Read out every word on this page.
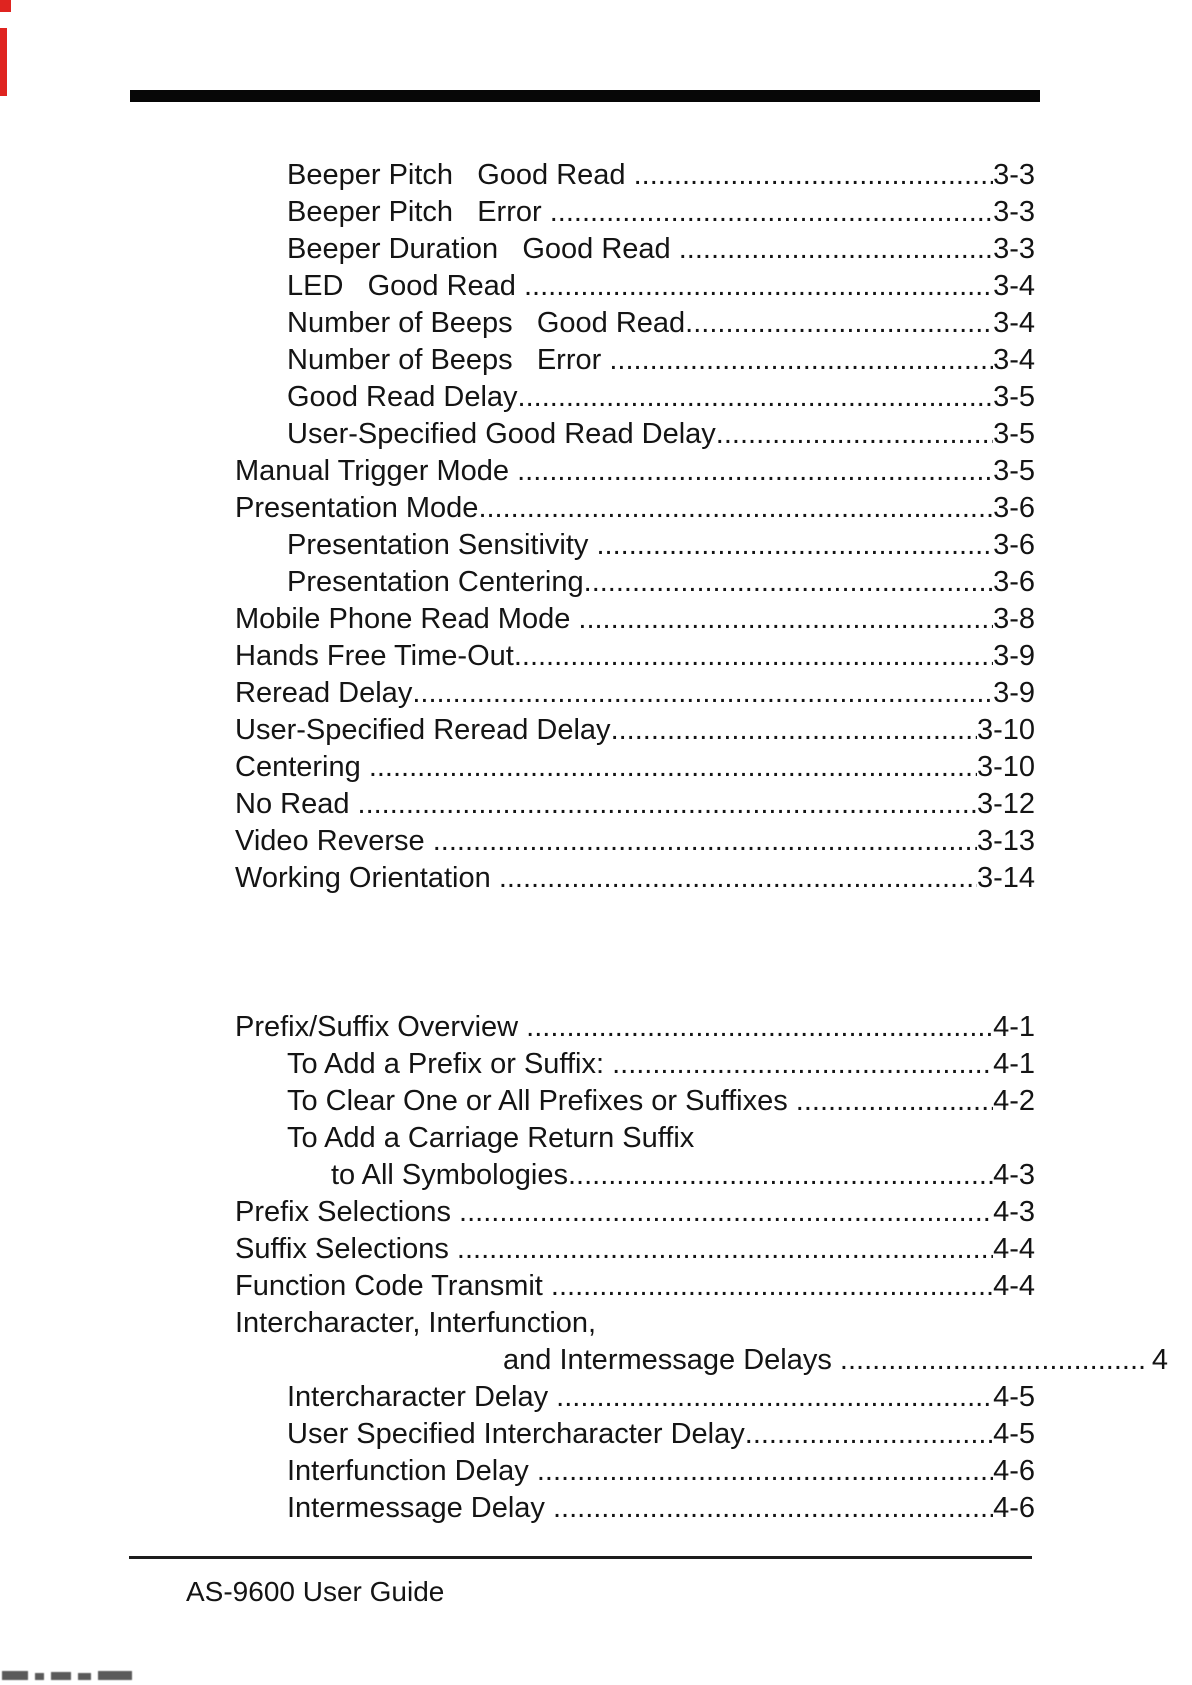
Beeper Pitch   Good Read .....	3-3
Beeper Pitch   Error .....	3-3
Beeper Duration   Good Read .....	3-3
LED   Good Read .....	3-4
Number of Beeps   Good Read .....	3-4
Number of Beeps   Error .....	3-4
Good Read Delay .....	3-5
User-Specified Good Read Delay .....	3-5
Manual Trigger Mode .....	3-5
Presentation Mode .....	3-6
Presentation Sensitivity .....	3-6
Presentation Centering .....	3-6
Mobile Phone Read Mode .....	3-8
Hands Free Time-Out .....	3-9
Reread Delay .....	3-9
User-Specified Reread Delay .....	3-10
Centering .....	3-10
No Read .....	3-12
Video Reverse .....	3-13
Working Orientation .....	3-14
Prefix/Suffix Overview .....	4-1
To Add a Prefix or Suffix: .....	4-1
To Clear One or All Prefixes or Suffixes .....	4-2
To Add a Carriage Return Suffix
to All Symbologies .....	4-3
Prefix Selections .....	4-3
Suffix Selections .....	4-4
Function Code Transmit .....	4-4
Intercharacter, Interfunction,
and Intermessage Delays .....	4
Intercharacter Delay .....	4-5
User Specified Intercharacter Delay .....	4-5
Interfunction Delay .....	4-6
Intermessage Delay .....	4-6
AS-9600 User Guide
